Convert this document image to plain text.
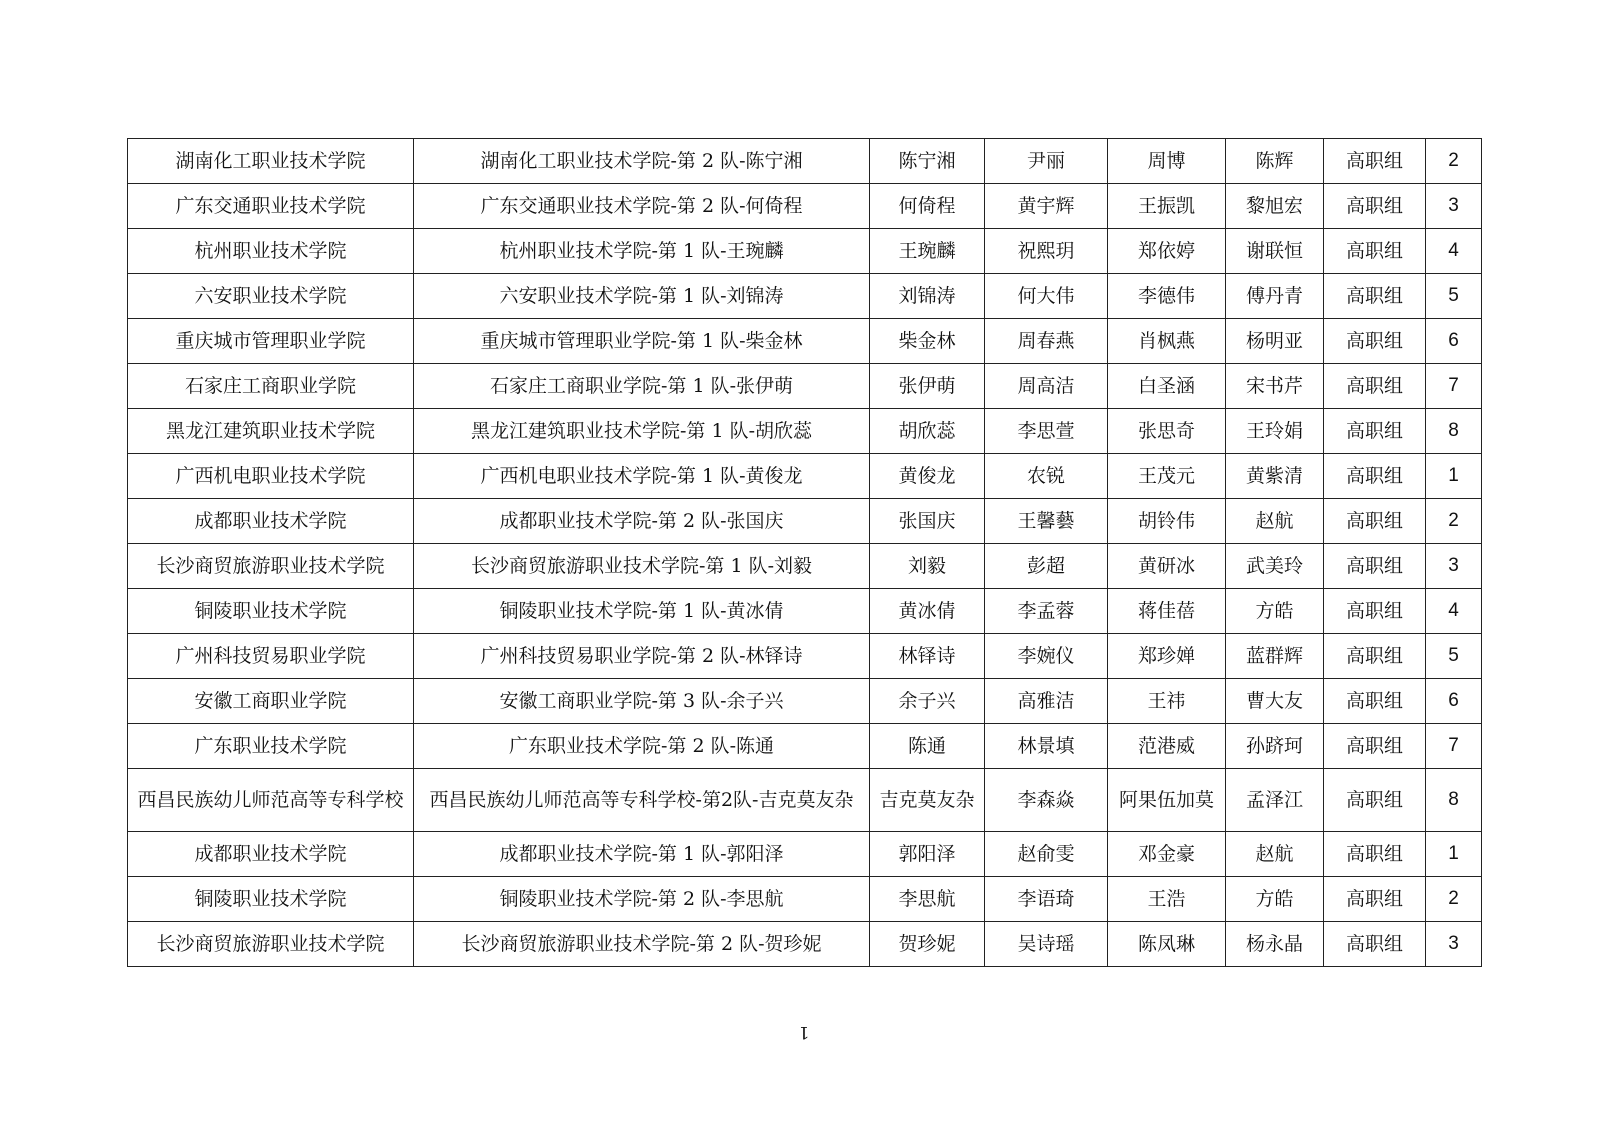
湖南化工职业技术学院	湖南化工职业技术学院-第 2 队-陈宁湘	陈宁湘	尹丽	周博	陈辉	高职组	2
广东交通职业技术学院	广东交通职业技术学院-第 2 队-何倚程	何倚程	黄宇辉	王振凯	黎旭宏	高职组	3
杭州职业技术学院	杭州职业技术学院-第 1 队-王琬麟	王琬麟	祝熙玥	郑依婷	谢联恒	高职组	4
六安职业技术学院	六安职业技术学院-第 1 队-刘锦涛	刘锦涛	何大伟	李德伟	傅丹青	高职组	5
重庆城市管理职业学院	重庆城市管理职业学院-第 1 队-柴金林	柴金林	周春燕	肖枫燕	杨明亚	高职组	6
石家庄工商职业学院	石家庄工商职业学院-第 1 队-张伊萌	张伊萌	周高洁	白圣涵	宋书芹	高职组	7
黑龙江建筑职业技术学院	黑龙江建筑职业技术学院-第 1 队-胡欣蕊	胡欣蕊	李思萱	张思奇	王玲娟	高职组	8
广西机电职业技术学院	广西机电职业技术学院-第 1 队-黄俊龙	黄俊龙	农锐	王茂元	黄紫清	高职组	1
成都职业技术学院	成都职业技术学院-第 2 队-张国庆	张国庆	王馨藝	胡铃伟	赵航	高职组	2
长沙商贸旅游职业技术学院	长沙商贸旅游职业技术学院-第 1 队-刘毅	刘毅	彭超	黄研冰	武美玲	高职组	3
铜陵职业技术学院	铜陵职业技术学院-第 1 队-黄冰倩	黄冰倩	李孟蓉	蒋佳蓓	方皓	高职组	4
广州科技贸易职业学院	广州科技贸易职业学院-第 2 队-林铎诗	林铎诗	李婉仪	郑珍婵	蓝群辉	高职组	5
安徽工商职业学院	安徽工商职业学院-第 3 队-余子兴	余子兴	高雅洁	王祎	曹大友	高职组	6
广东职业技术学院	广东职业技术学院-第 2 队-陈通	陈通	林景填	范港威	孙跻珂	高职组	7
西昌民族幼儿师范高等专科学校	西昌民族幼儿师范高等专科学校-第2队-吉克莫友杂	吉克莫友杂	李森焱	阿果伍加莫	孟泽江	高职组	8
成都职业技术学院	成都职业技术学院-第 1 队-郭阳泽	郭阳泽	赵俞雯	邓金豪	赵航	高职组	1
铜陵职业技术学院	铜陵职业技术学院-第 2 队-李思航	李思航	李语琦	王浩	方皓	高职组	2
长沙商贸旅游职业技术学院	长沙商贸旅游职业技术学院-第 2 队-贺珍妮	贺珍妮	吴诗瑶	陈凤琳	杨永晶	高职组	3
1
